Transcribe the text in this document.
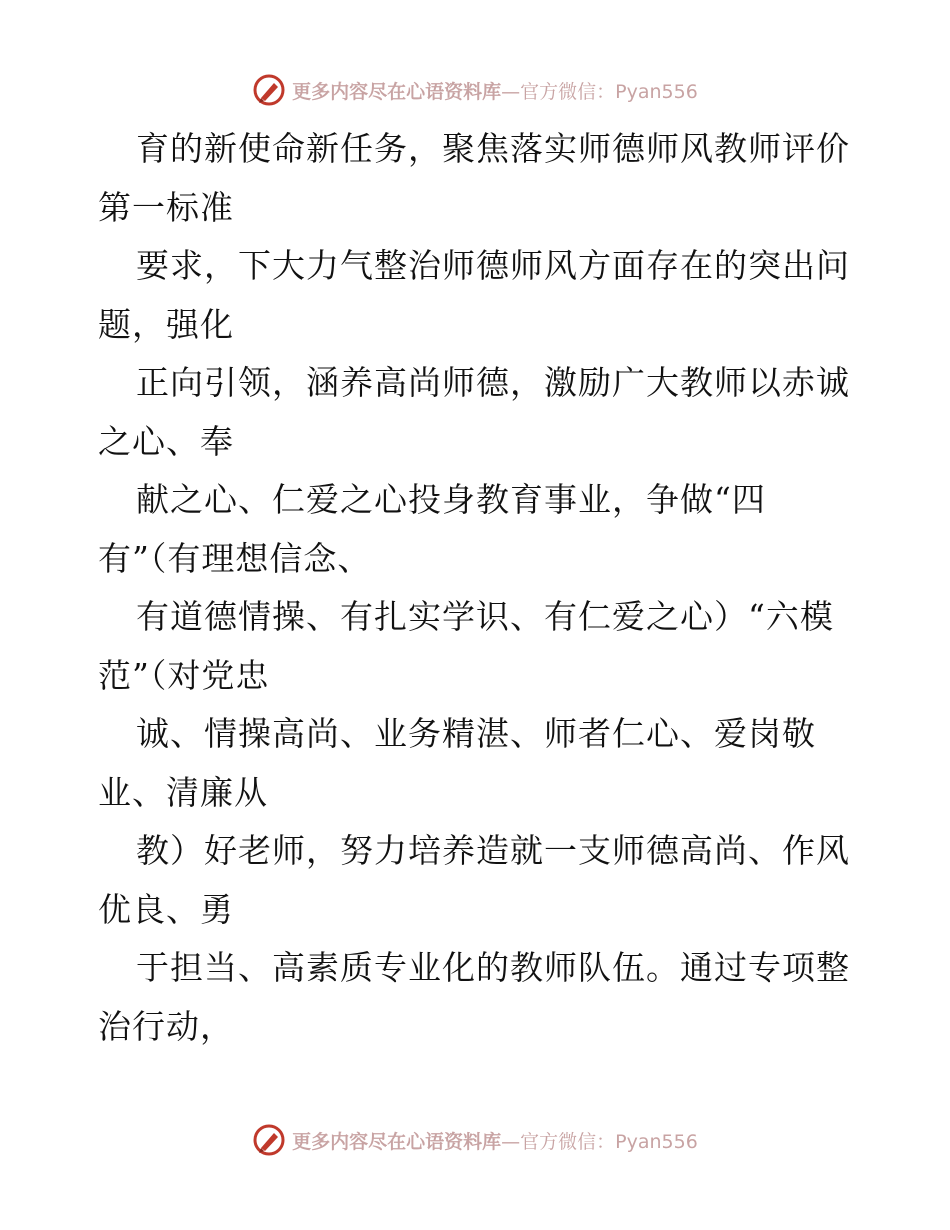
更多内容尽在心语资料库 —官方微信：Pyan556
育的新使命新任务，聚焦落实师德师风教师评价
第一标准
要求，下大力气整治师德师风方面存在的突出问
题，强化
正向引领，涵养高尚师德，激励广大教师以赤诚
之心、奉
献之心、仁爱之心投身教育事业，争做“四
有”（有理想信念、
有道德情操、有扎实学识、有仁爱之心）“六模
范”（对党忠
诚、情操高尚、业务精湛、师者仁心、爱岗敬
业、清廉从
教）好老师，努力培养造就一支师德高尚、作风
优良、勇
于担当、高素质专业化的教师队伍。通过专项整
治行动，
更多内容尽在心语资料库 —官方微信：Pyan556
